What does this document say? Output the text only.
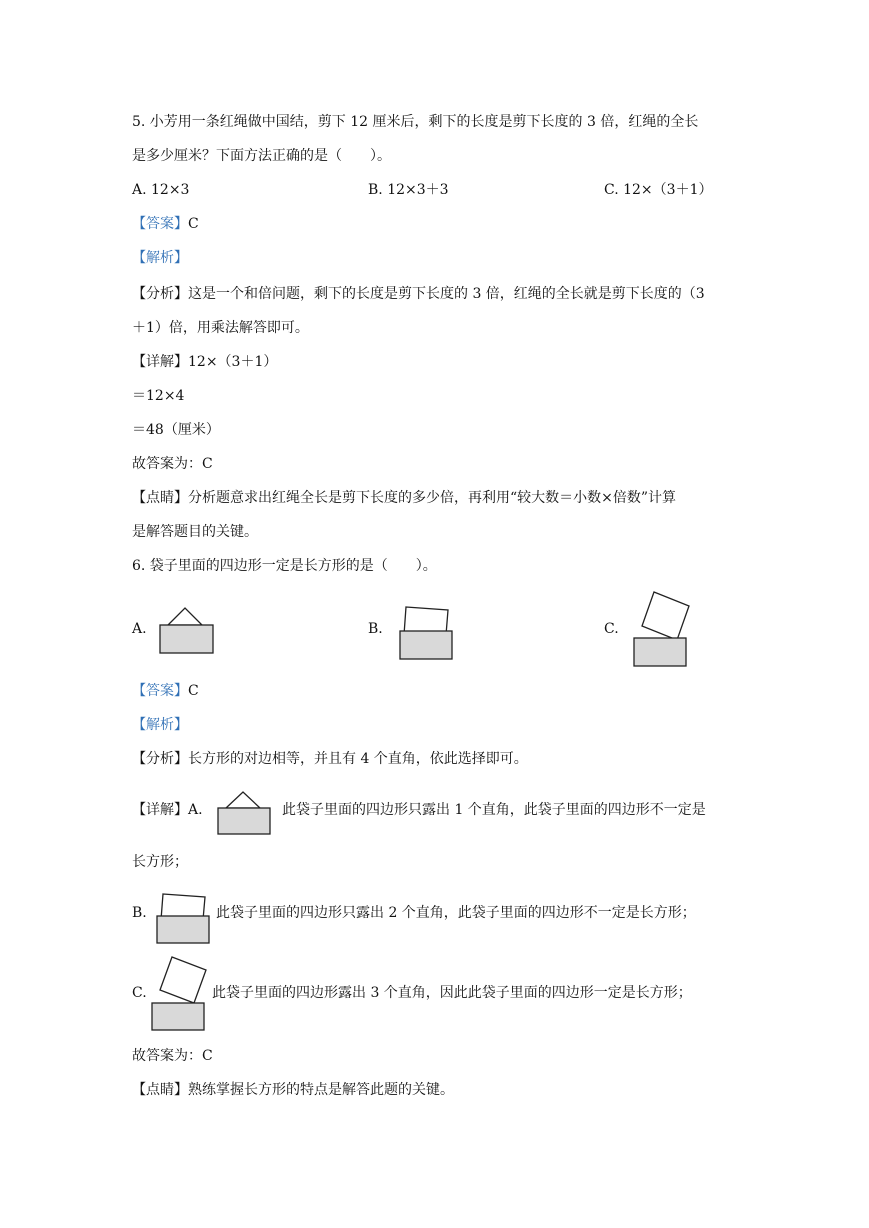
5. 小芳用一条红绳做中国结，剪下 12 厘米后，剩下的长度是剪下长度的 3 倍，红绳的全长
是多少厘米？下面方法正确的是（　　）。
A. 12×3	B. 12×3＋3	C. 12×（3＋1）
【答案】C
【解析】
【分析】这是一个和倍问题，剩下的长度是剪下长度的 3 倍，红绳的全长就是剪下长度的（3
＋1）倍，用乘法解答即可。
【详解】12×（3＋1）
＝12×4
＝48（厘米）
故答案为：C
【点睛】分析题意求出红绳全长是剪下长度的多少倍，再利用“较大数＝小数×倍数”计算
是解答题目的关键。
6. 袋子里面的四边形一定是长方形的是（　　）。
A.	B.	C.
【答案】C
【解析】
【分析】长方形的对边相等，并且有 4 个直角，依此选择即可。
【详解】A.	此袋子里面的四边形只露出 1 个直角，此袋子里面的四边形不一定是
长方形；
B.	此袋子里面的四边形只露出 2 个直角，此袋子里面的四边形不一定是长方形；
C.	此袋子里面的四边形露出 3 个直角，因此此袋子里面的四边形一定是长方形；
故答案为：C
【点睛】熟练掌握长方形的特点是解答此题的关键。
